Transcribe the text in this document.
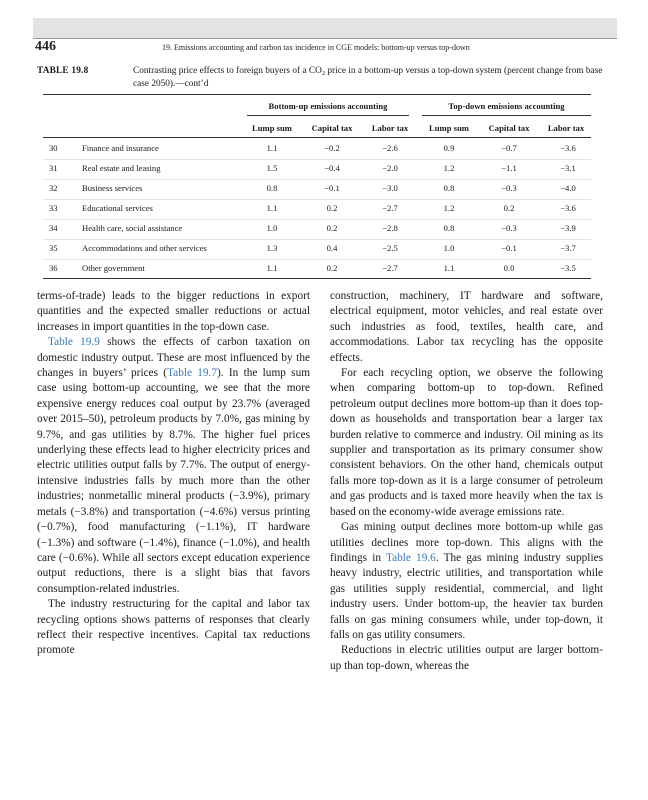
446	19. Emissions accounting and carbon tax incidence in CGE models: bottom-up versus top-down
TABLE 19.8	Contrasting price effects to foreign buyers of a $CO_2$ price in a bottom-up versus a top-down system (percent change from base case 2050).—cont’d
Bottom-up emissions accounting	Top-down emissions accounting
Lump sum	Capital tax	Labor tax	Lump sum	Capital tax	Labor tax
30	Finance and insurance	1.1	−0.2	−2.6	0.9	−0.7	−3.6
31	Real estate and leasing	1.5	−0.4	−2.0	1.2	−1.1	−3.1
32	Business services	0.8	−0.1	−3.0	0.8	−0.3	−4.0
33	Educational services	1.1	0.2	−2.7	1.2	0.2	−3.6
34	Health care, social assistance	1.0	0.2	−2.8	0.8	−0.3	−3.9
35	Accommodations and other services	1.3	0.4	−2.5	1.0	−0.1	−3.7
36	Other government	1.1	0.2	−2.7	1.1	0.0	−3.5

terms-of-trade) leads to the bigger reductions in export quantities and the expected smaller reductions or actual increases in import quantities in the top-down case.

Table 19.9 shows the effects of carbon taxation on domestic industry output. These are most influenced by the changes in buyers’ prices (Table 19.7). In the lump sum case using bottom-up accounting, we see that the more expensive energy reduces coal output by 23.7% (averaged over 2015–50), petroleum products by 7.0%, gas mining by 9.7%, and gas utilities by 8.7%. The higher fuel prices underlying these effects lead to higher electricity prices and electric utilities output falls by 7.7%. The output of energy-intensive industries falls by much more than the other industries; nonmetallic mineral products (−3.9%), primary metals (−3.8%) and transportation (−4.6%) versus printing (−0.7%), food manufacturing (−1.1%), IT hardware (−1.3%) and software (−1.4%), finance (−1.0%), and health care (−0.6%). While all sectors except education experience output reductions, there is a slight bias that favors consumption-related industries.

The industry restructuring for the capital and labor tax recycling options shows patterns of responses that clearly reflect their respective incentives. Capital tax reductions promote

construction, machinery, IT hardware and software, electrical equipment, motor vehicles, and real estate over such industries as food, textiles, health care, and accommodations. Labor tax recycling has the opposite effects.

For each recycling option, we observe the following when comparing bottom-up to top-down. Refined petroleum output declines more bottom-up than it does top-down as households and transportation bear a larger tax burden relative to commerce and industry. Oil mining as its supplier and transportation as its primary consumer show consistent behaviors. On the other hand, chemicals output falls more top-down as it is a large consumer of petroleum and gas products and is taxed more heavily when the tax is based on the economy-wide average emissions rate.

Gas mining output declines more bottom-up while gas utilities declines more top-down. This aligns with the findings in Table 19.6. The gas mining industry supplies heavy industry, electric utilities, and transportation while gas utilities supply residential, commercial, and light industry users. Under bottom-up, the heavier tax burden falls on gas mining consumers while, under top-down, it falls on gas utility consumers.

Reductions in electric utilities output are larger bottom-up than top-down, whereas the
